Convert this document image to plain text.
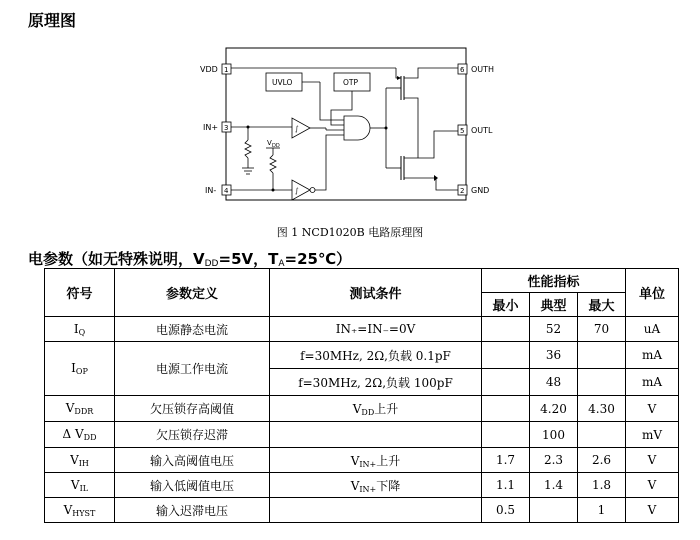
原理图
VDD 1
IN+ 3
IN- 4
6 OUTH
5 OUTL
2 GND
UVLO	OTP
∫
∫
V DD
图 1 NCD1020B 电路原理图
电参数（如无特殊说明，$V_{DD}=5V$，$T_A=25℃$）
符号	参数定义	测试条件	性能指标			单位
			最小	典型	最大	
$I_Q$	电源静态电流	IN₊=IN₋=0V		52	70	uA
$I_{OP}$	电源工作电流	f=30MHz, 2Ω,负载 0.1pF		36		mA
		f=30MHz, 2Ω,负载 100pF		48		mA
$V_{DDR}$	欠压锁存高阈值	$V_{DD}$上升		4.20	4.30	V
Δ $V_{DD}$	欠压锁存迟滞			100		mV
$V_{IH}$	输入高阈值电压	$V_{IN+}$上升	1.7	2.3	2.6	V
$V_{IL}$	输入低阈值电压	$V_{IN+}$下降	1.1	1.4	1.8	V
$V_{HYST}$	输入迟滞电压		0.5		1	V
